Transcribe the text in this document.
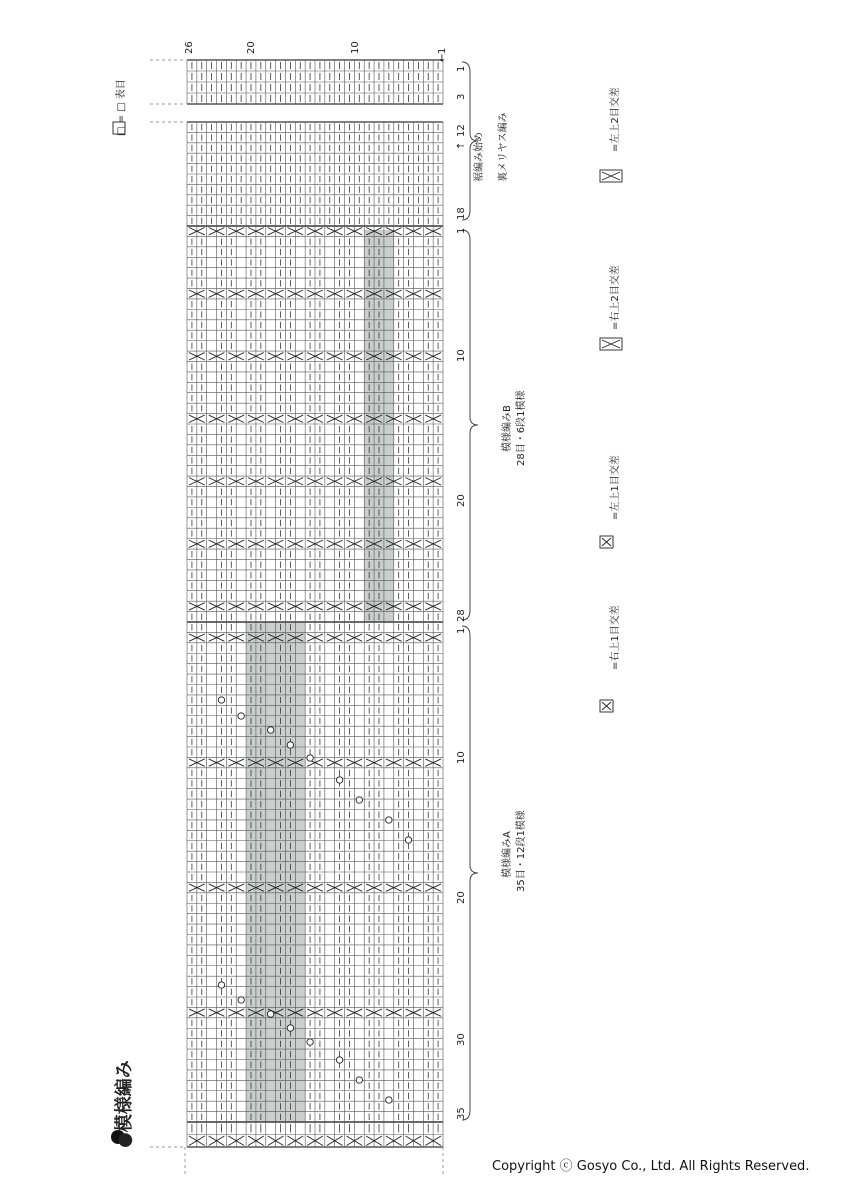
26	20	10	1
←
□ = □ 表目
1
3
12
↑
18
裾編み始め	裏メリヤス編み
1
10
20
28
模様編みB 28目・6段1模様
1
10
20
30
35
模様編みA 35目・12段1模様
=右上1目交差
=左上1目交差
=右上2目交差
=左上2目交差
●模様編み
Copyright ⓒ Gosyo Co., Ltd. All Rights Reserved.
